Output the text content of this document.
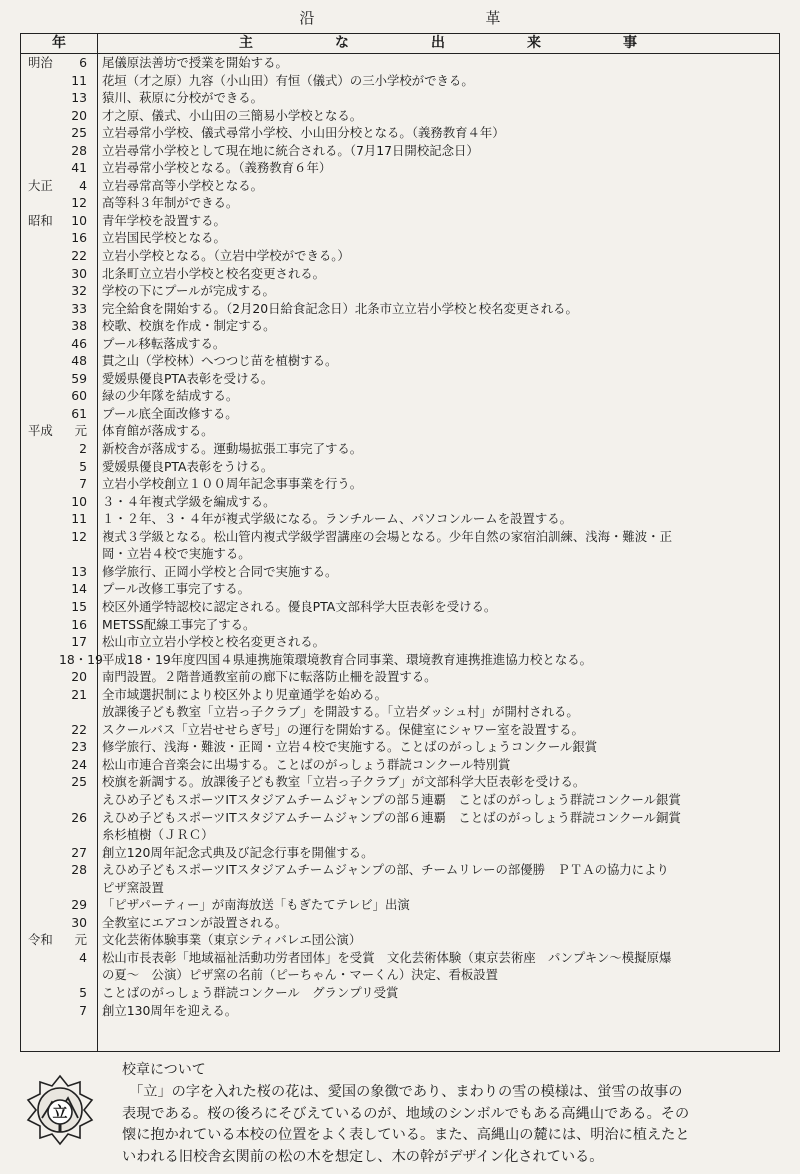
沿　革
年	主　な　出　来　事
明治	6	尾儀原法善坊で授業を開始する。
11	花垣（才之原）九容（小山田）有恒（儀式）の三小学校ができる。
13	猿川、萩原に分校ができる。
20	才之原、儀式、小山田の三簡易小学校となる。
25	立岩尋常小学校、儀式尋常小学校、小山田分校となる。（義務教育４年）
28	立岩尋常小学校として現在地に統合される。（7月17日開校記念日）
41	立岩尋常小学校となる。（義務教育６年）
大正	4	立岩尋常高等小学校となる。
12	高等科３年制ができる。
昭和	10	青年学校を設置する。
16	立岩国民学校となる。
22	立岩小学校となる。（立岩中学校ができる。）
30	北条町立立岩小学校と校名変更される。
32	学校の下にプールが完成する。
33	完全給食を開始する。（2月20日給食記念日）北条市立立岩小学校と校名変更される。
38	校歌、校旗を作成・制定する。
46	プール移転落成する。
48	貫之山（学校林）へつつじ苗を植樹する。
59	愛媛県優良PTA表彰を受ける。
60	緑の少年隊を結成する。
61	プール底全面改修する。
平成	元	体育館が落成する。
2	新校舎が落成する。運動場拡張工事完了する。
5	愛媛県優良PTA表彰をうける。
7	立岩小学校創立１００周年記念事事業を行う。
10	３・４年複式学級を編成する。
11	１・２年、３・４年が複式学級になる。ランチルーム、パソコンルームを設置する。
12	複式３学級となる。松山管内複式学級学習講座の会場となる。少年自然の家宿泊訓練、浅海・難波・正
岡・立岩４校で実施する。
13	修学旅行、正岡小学校と合同で実施する。
14	プール改修工事完了する。
15	校区外通学特認校に認定される。優良PTA文部科学大臣表彰を受ける。
16	METSS配線工事完了する。
17	松山市立立岩小学校と校名変更される。
18・19 平成18・19年度四国４県連携施策環境教育合同事業、環境教育連携推進協力校となる。
20	南門設置。２階普通教室前の廊下に転落防止柵を設置する。
21	全市域選択制により校区外より児童通学を始める。
放課後子ども教室「立岩っ子クラブ」を開設する。「立岩ダッシュ村」が開村される。
22	スクールバス「立岩せせらぎ号」の運行を開始する。保健室にシャワー室を設置する。
23	修学旅行、浅海・難波・正岡・立岩４校で実施する。ことばのがっしょうコンクール銀賞
24	松山市連合音楽会に出場する。ことばのがっしょう群読コンクール特別賞
25	校旗を新調する。放課後子ども教室「立岩っ子クラブ」が文部科学大臣表彰を受ける。
えひめ子どもスポーツITスタジアムチームジャンプの部５連覇　ことばのがっしょう群読コンクール銀賞
26	えひめ子どもスポーツITスタジアムチームジャンプの部６連覇　ことばのがっしょう群読コンクール銅賞
糸杉植樹（ＪＲＣ）
27	創立120周年記念式典及び記念行事を開催する。
28	えひめ子どもスポーツITスタジアムチームジャンプの部、チームリレーの部優勝　ＰＴＡの協力により
ピザ窯設置
29	「ピザパーティー」が南海放送「もぎたてテレビ」出演
30	全教室にエアコンが設置される。
令和	元	文化芸術体験事業（東京シティバレエ団公演）
4	松山市長表彰「地域福祉活動功労者団体」を受賞　文化芸術体験（東京芸術座　パンプキン～模擬原爆
の夏～　公演）ピザ窯の名前（ピーちゃん・マーくん）決定、看板設置
5	ことばのがっしょう群読コンクール　グランプリ受賞
7	創立130周年を迎える。
立
校章について
　「立」の字を入れた桜の花は、愛国の象徴であり、まわりの雪の模様は、蛍雪の故事の
表現である。桜の後ろにそびえているのが、地域のシンボルでもある高縄山である。その
懐に抱かれている本校の位置をよく表している。また、高縄山の麓には、明治に植えたと
いわれる旧校舎玄関前の松の木を想定し、木の幹がデザイン化されている。
